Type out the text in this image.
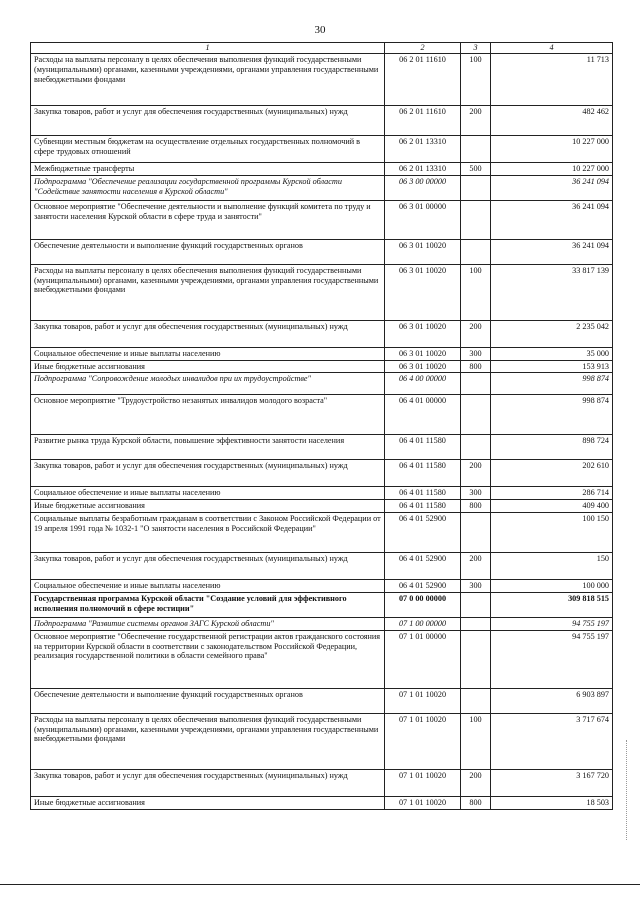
30
1	2	3	4
Расходы на выплаты персоналу в целях обеспечения выполнения функций государственными (муниципальными) органами, казенными учреждениями, органами управления государственными внебюджетными фондами	06 2 01 11610	100	11 713
Закупка товаров, работ и услуг для обеспечения государственных (муниципальных) нужд	06 2 01 11610	200	482 462
Субвенции местным бюджетам на осуществление отдельных государственных полномочий в сфере трудовых отношений	06 2 01 13310		10 227 000
Межбюджетные трансферты	06 2 01 13310	500	10 227 000
Подпрограмма "Обеспечение реализации государственной программы Курской области "Содействие занятости населения в Курской области"	06 3 00 00000		36 241 094
Основное мероприятие "Обеспечение деятельности и выполнение функций комитета по труду и занятости населения Курской области в сфере труда и занятости"	06 3 01 00000		36 241 094
Обеспечение деятельности и выполнение функций государственных органов	06 3 01 10020		36 241 094
Расходы на выплаты персоналу в целях обеспечения выполнения функций государственными (муниципальными) органами, казенными учреждениями, органами управления государственными внебюджетными фондами	06 3 01 10020	100	33 817 139
Закупка товаров, работ и услуг для обеспечения государственных (муниципальных) нужд	06 3 01 10020	200	2 235 042
Социальное обеспечение и иные выплаты населению	06 3 01 10020	300	35 000
Иные бюджетные ассигнования	06 3 01 10020	800	153 913
Подпрограмма "Сопровождение молодых инвалидов при их трудоустройстве"	06 4 00 00000		998 874
Основное мероприятие "Трудоустройство незанятых инвалидов молодого возраста"	06 4 01 00000		998 874
Развитие рынка труда Курской области, повышение эффективности занятости населения	06 4 01 11580		898 724
Закупка товаров, работ и услуг для обеспечения государственных (муниципальных) нужд	06 4 01 11580	200	202 610
Социальное обеспечение и иные выплаты населению	06 4 01 11580	300	286 714
Иные бюджетные ассигнования	06 4 01 11580	800	409 400
Социальные выплаты безработным гражданам в соответствии с Законом Российской Федерации от 19 апреля 1991 года № 1032-1 "О занятости населения в Российской Федерации"	06 4 01 52900		100 150
Закупка товаров, работ и услуг для обеспечения государственных (муниципальных) нужд	06 4 01 52900	200	150
Социальное обеспечение и иные выплаты населению	06 4 01 52900	300	100 000
Государственная программа Курской области "Создание условий для эффективного исполнения полномочий в сфере юстиции"	07 0 00 00000		309 818 515
Подпрограмма "Развитие системы органов ЗАГС Курской области"	07 1 00 00000		94 755 197
Основное мероприятие "Обеспечение государственной регистрации актов гражданского состояния на территории Курской области в соответствии с законодательством Российской Федерации, реализация государственной политики в области семейного права"	07 1 01 00000		94 755 197
Обеспечение деятельности и выполнение функций государственных органов	07 1 01 10020		6 903 897
Расходы на выплаты персоналу в целях обеспечения выполнения функций государственными (муниципальными) органами, казенными учреждениями, органами управления государственными внебюджетными фондами	07 1 01 10020	100	3 717 674
Закупка товаров, работ и услуг для обеспечения государственных (муниципальных) нужд	07 1 01 10020	200	3 167 720
Иные бюджетные ассигнования	07 1 01 10020	800	18 503
